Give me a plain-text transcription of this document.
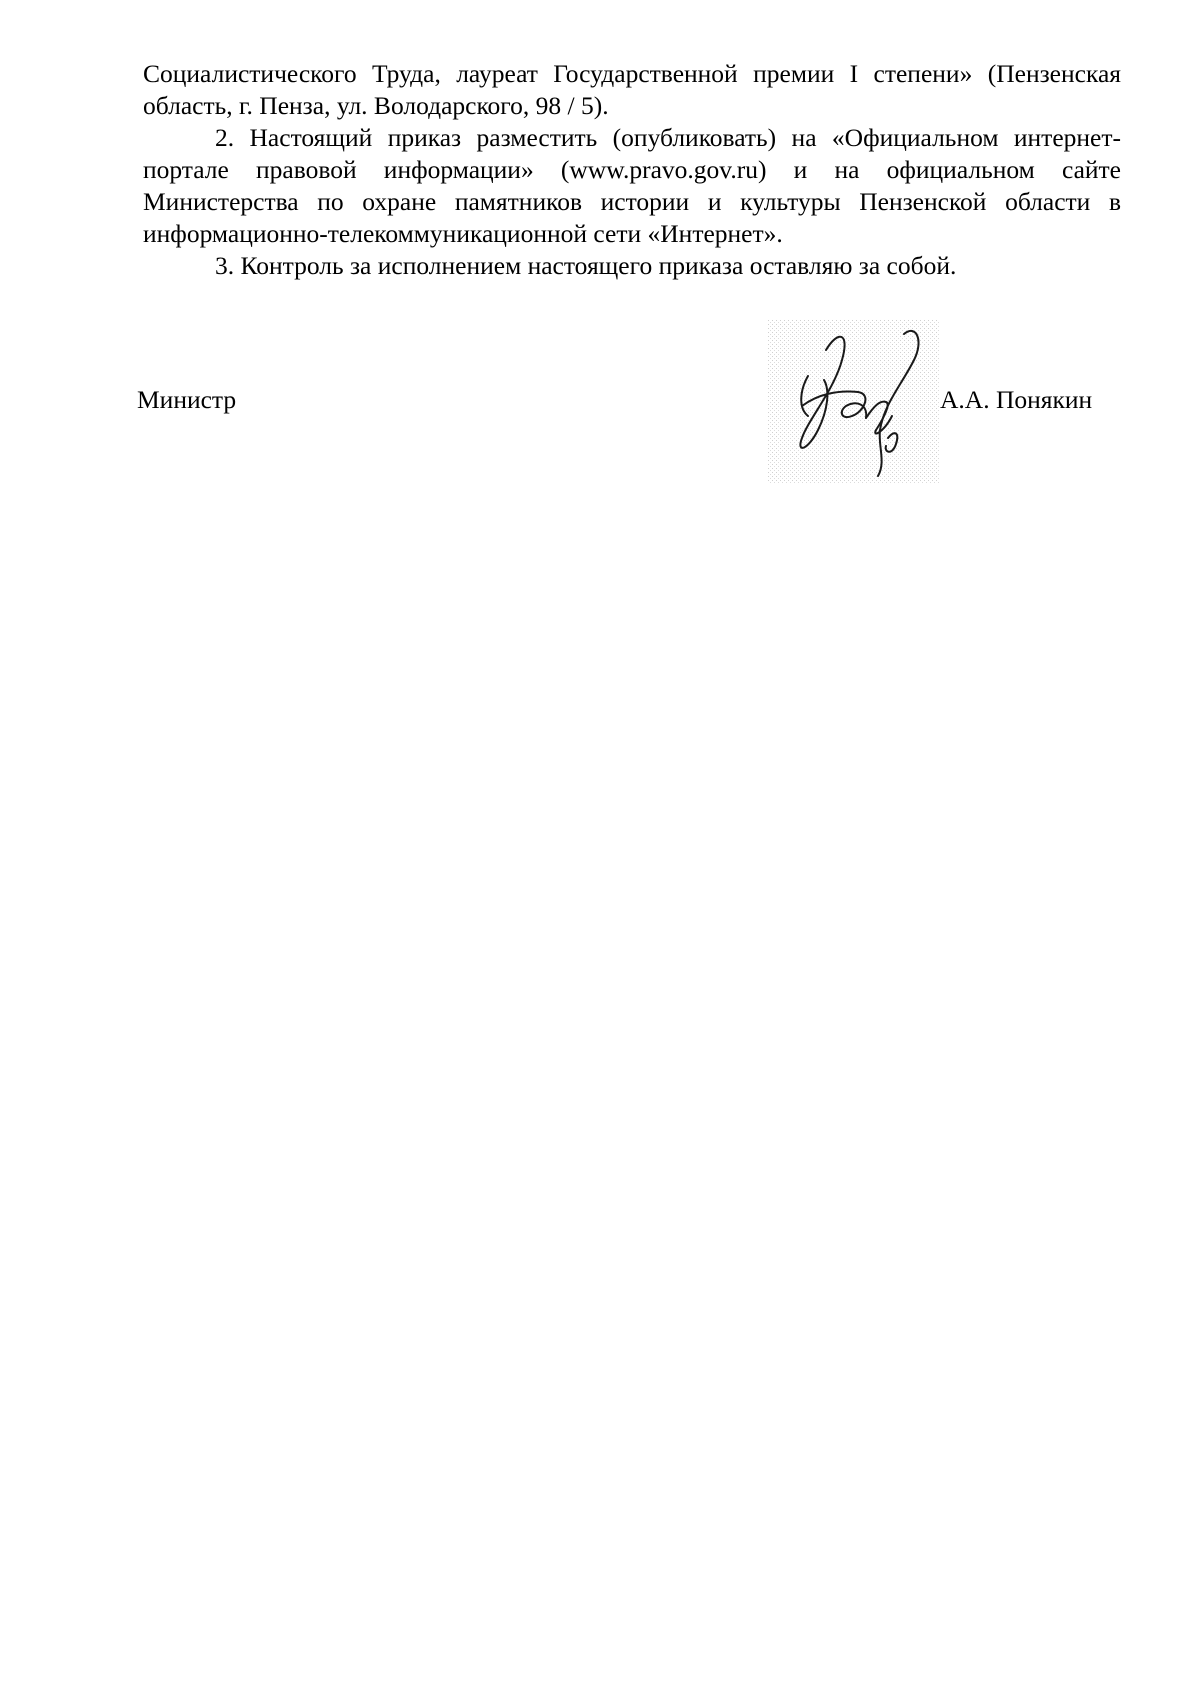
Социалистического Труда, лауреат Государственной премии I степени» (Пензенская область, г. Пенза, ул. Володарского, 98 / 5).

2. Настоящий приказ разместить (опубликовать) на «Официальном интернет-портале правовой информации» (www.pravo.gov.ru) и на официальном сайте Министерства по охране памятников истории и культуры Пензенской области в информационно-телекоммуникационной сети «Интернет».

3. Контроль за исполнением настоящего приказа оставляю за собой.

Министр	А.А. Понякин
